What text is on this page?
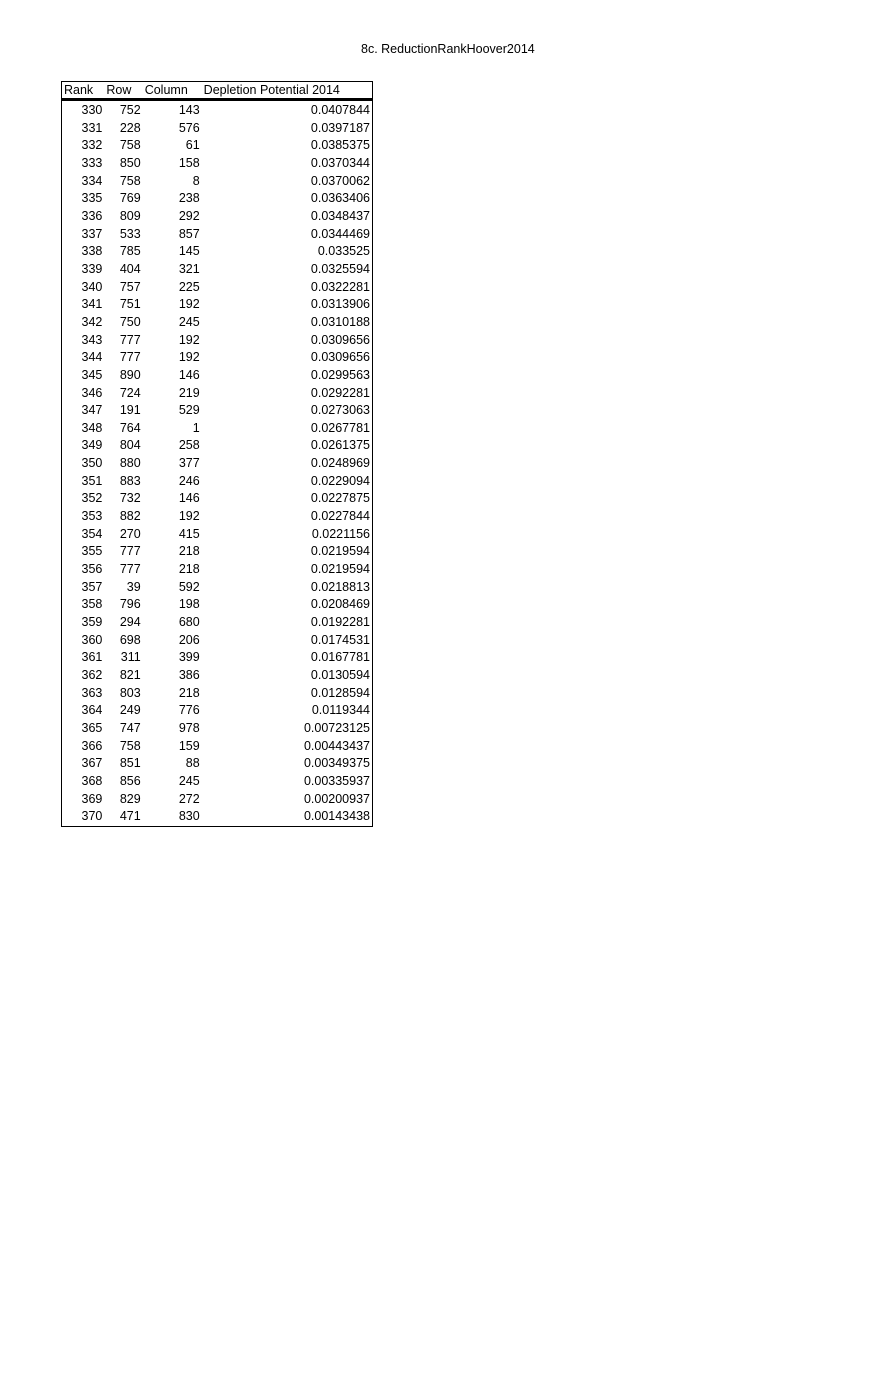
8c. ReductionRankHoover2014
Rank	Row	Column	Depletion Potential 2014
330	752	143	0.0407844
331	228	576	0.0397187
332	758	61	0.0385375
333	850	158	0.0370344
334	758	8	0.0370062
335	769	238	0.0363406
336	809	292	0.0348437
337	533	857	0.0344469
338	785	145	0.033525
339	404	321	0.0325594
340	757	225	0.0322281
341	751	192	0.0313906
342	750	245	0.0310188
343	777	192	0.0309656
344	777	192	0.0309656
345	890	146	0.0299563
346	724	219	0.0292281
347	191	529	0.0273063
348	764	1	0.0267781
349	804	258	0.0261375
350	880	377	0.0248969
351	883	246	0.0229094
352	732	146	0.0227875
353	882	192	0.0227844
354	270	415	0.0221156
355	777	218	0.0219594
356	777	218	0.0219594
357	39	592	0.0218813
358	796	198	0.0208469
359	294	680	0.0192281
360	698	206	0.0174531
361	311	399	0.0167781
362	821	386	0.0130594
363	803	218	0.0128594
364	249	776	0.0119344
365	747	978	0.00723125
366	758	159	0.00443437
367	851	88	0.00349375
368	856	245	0.00335937
369	829	272	0.00200937
370	471	830	0.00143438
